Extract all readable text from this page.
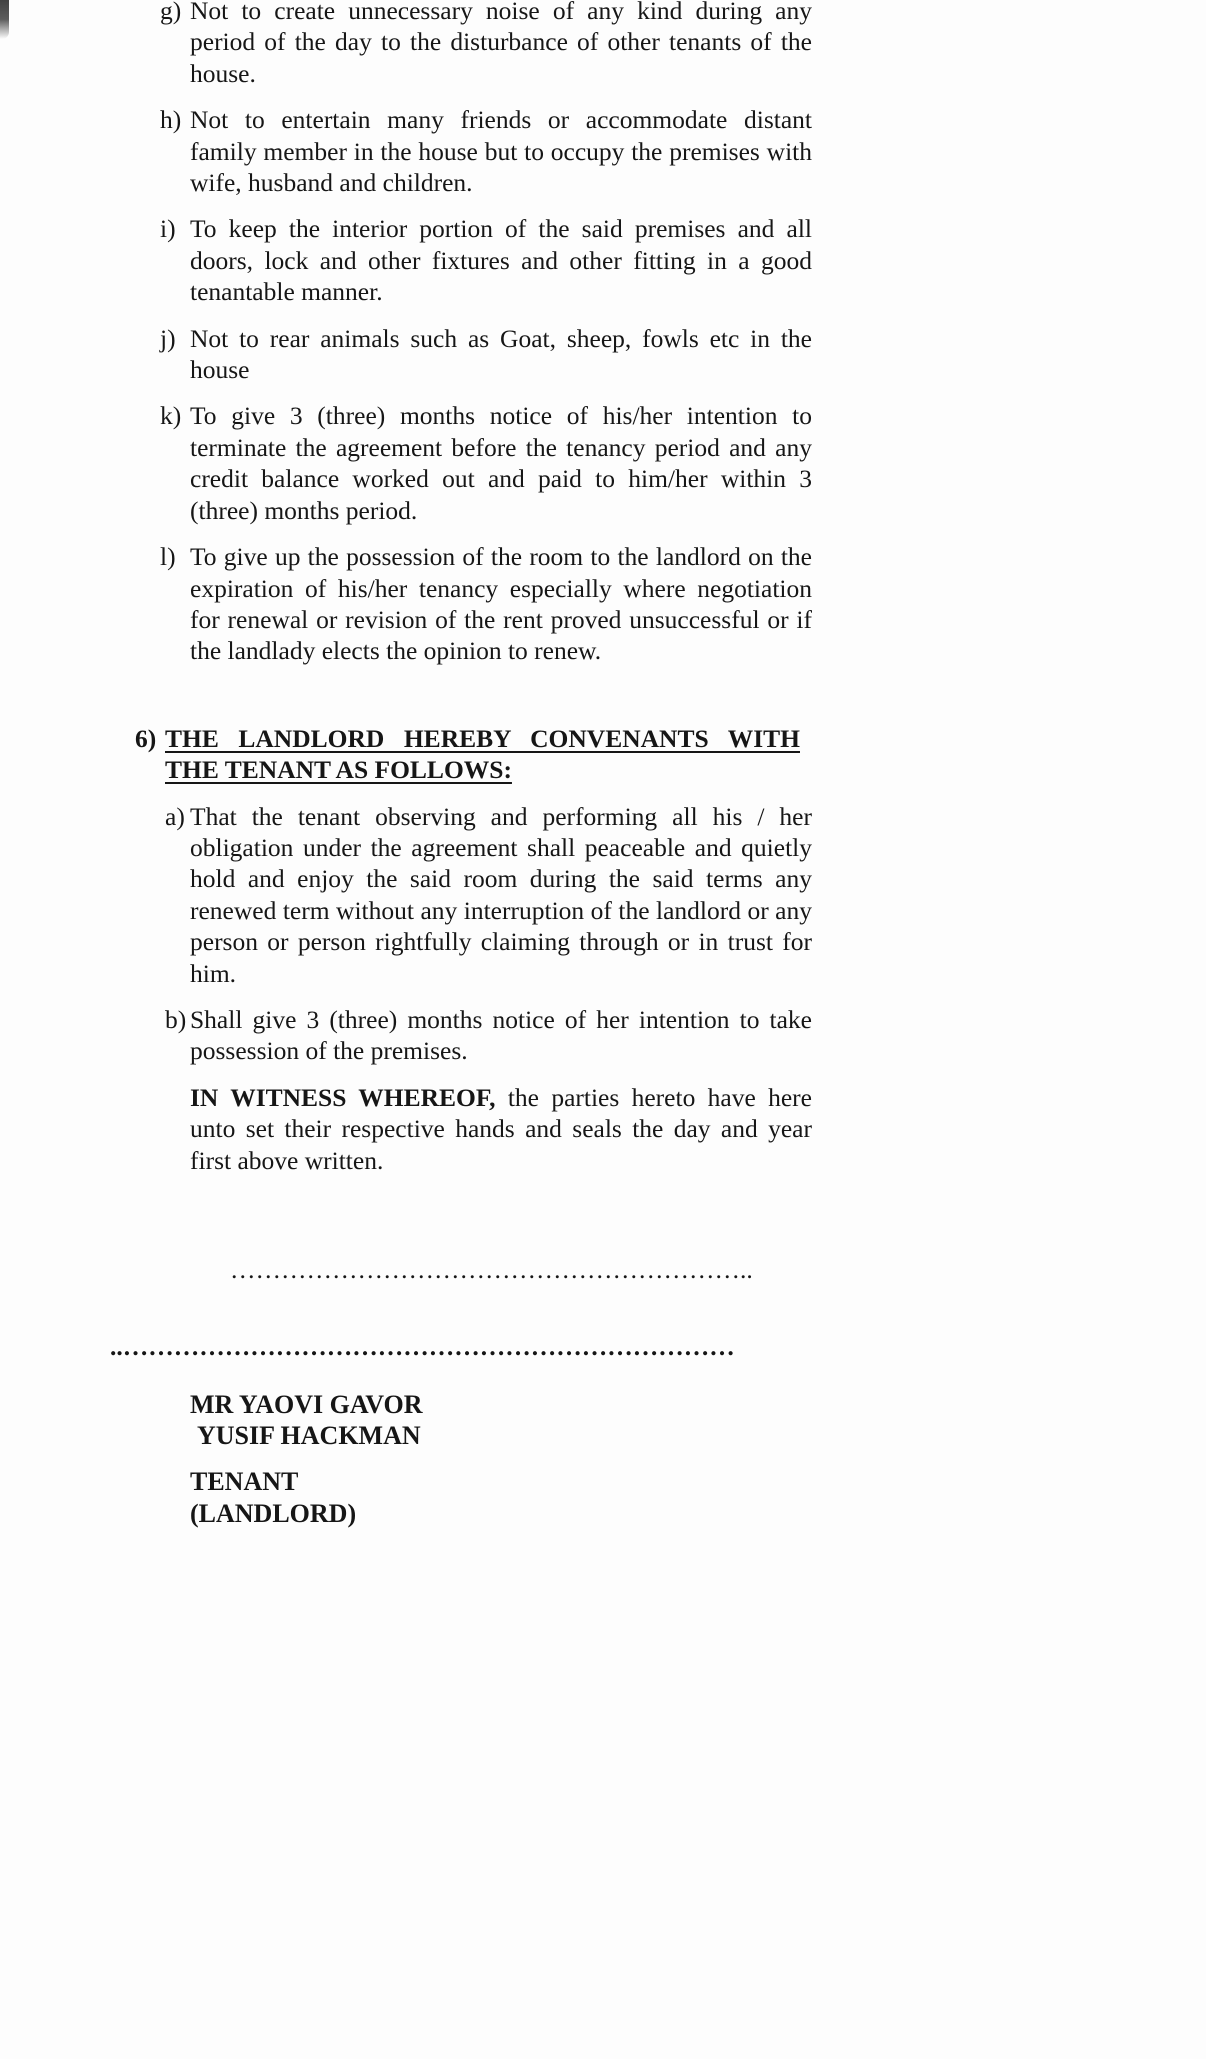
g) Not to create unnecessary noise of any kind during any period of the day to the disturbance of other tenants of the house.
h) Not to entertain many friends or accommodate distant family member in the house but to occupy the premises with wife, husband and children.
i) To keep the interior portion of the said premises and all doors, lock and other fixtures and other fitting in a good tenantable manner.
j) Not to rear animals such as Goat, sheep, fowls etc in the house
k) To give 3 (three) months notice of his/her intention to terminate the agreement before the tenancy period and any credit balance worked out and paid to him/her within 3 (three) months period.
l) To give up the possession of the room to the landlord on the expiration of his/her tenancy especially where negotiation for renewal or revision of the rent proved unsuccessful or if the landlady elects the opinion to renew.
6) THE LANDLORD HEREBY CONVENANTS WITH THE TENANT AS FOLLOWS:
a) That the tenant observing and performing all his / her obligation under the agreement shall peaceable and quietly hold and enjoy the said room during the said terms any renewed term without any interruption of the landlord or any person or person rightfully claiming through or in trust for him.
b) Shall give 3 (three) months notice of her intention to take possession of the premises.
IN WITNESS WHEREOF, the parties hereto have here unto set their respective hands and seals the day and year first above written.
……………………………………………………..
..………………………………………………………………
MR YAOVI GAVOR
YUSIF HACKMAN
TENANT
(LANDLORD)
